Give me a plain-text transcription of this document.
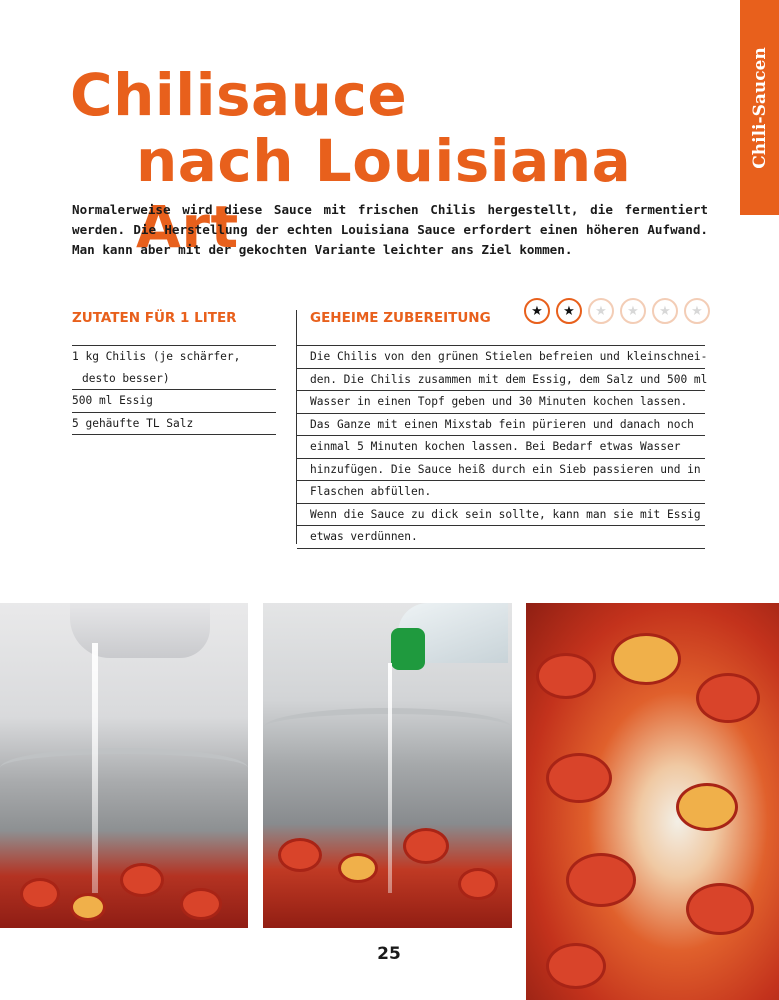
Chili-Saucen
Chilisauce
nach Louisiana Art

Normalerweise wird diese Sauce mit frischen Chilis hergestellt, die fermentiert werden. Die Herstellung der echten Louisiana Sauce erfordert einen höheren Aufwand. Man kann aber mit der gekochten Variante leichter ans Ziel kommen.

ZUTATEN FÜR 1 LITER	GEHEIME ZUBEREITUNG	★	★	★	★	★	★
1 kg Chilis (je schärfer,
desto besser)
500 ml Essig
5 gehäufte TL Salz
Die Chilis von den grünen Stielen befreien und kleinschnei-
den. Die Chilis zusammen mit dem Essig, dem Salz und 500 ml
Wasser in einen Topf geben und 30 Minuten kochen lassen.
Das Ganze mit einen Mixstab fein pürieren und danach noch
einmal 5 Minuten kochen lassen. Bei Bedarf etwas Wasser
hinzufügen. Die Sauce heiß durch ein Sieb passieren und in
Flaschen abfüllen.
Wenn die Sauce zu dick sein sollte, kann man sie mit Essig
etwas verdünnen.
25
